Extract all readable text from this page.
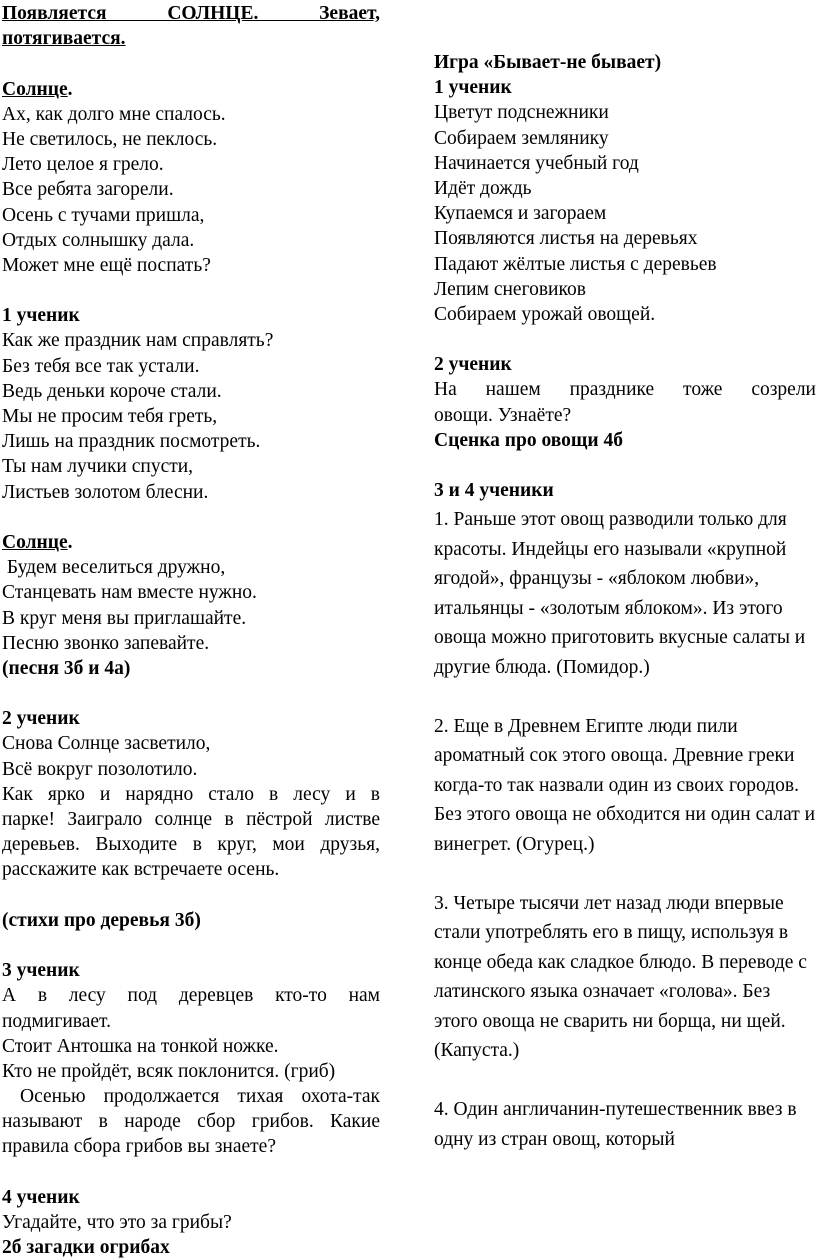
Появляется СОЛНЦЕ. Зевает,
потягивается.
Солнце.
Ах, как долго мне спалось.
Не светилось, не пеклось.
Лето целое я грело.
Все ребята загорели.
Осень с тучами пришла,
Отдых солнышку дала.
Может мне ещё поспать?
1 ученик
Как же праздник нам справлять?
Без тебя все так устали.
Ведь деньки короче стали.
Мы не просим тебя греть,
Лишь на праздник посмотреть.
Ты нам лучики спусти,
Листьев золотом блесни.
Солнце.
Будем веселиться дружно,
Станцевать нам вместе нужно.
В круг меня вы приглашайте.
Песню звонко запевайте.
(песня 3б и 4а)
2 ученик
Снова Солнце засветило,
Всё вокруг позолотило.
Как ярко и нарядно стало в лесу и в
парке! Заиграло солнце в пёстрой листве
деревьев. Выходите в круг, мои друзья,
расскажите как встречаете осень.
(стихи про деревья 3б)
3 ученик
А в лесу под деревцев кто-то нам
подмигивает.
Стоит Антошка на тонкой ножке.
Кто не пройдёт, всяк поклонится. (гриб)
Осенью продолжается тихая охота-так
называют в народе сбор грибов. Какие
правила сбора грибов вы знаете?
4 ученик
Угадайте, что это за грибы?
2б загадки огрибах
Игра «Бывает-не бывает)
1 ученик
Цветут подснежники
Собираем землянику
Начинается учебный год
Идёт дождь
Купаемся и загораем
Появляются листья на деревьях
Падают жёлтые листья с деревьев
Лепим снеговиков
Собираем урожай овощей.
2 ученик
На нашем празднике тоже созрели
овощи. Узнаёте?
Сценка про овощи 4б
3 и 4 ученики

1. Раньше этот овощ разводили только для красоты. Индейцы его называли «крупной ягодой», французы - «яблоком любви», итальянцы - «золотым яблоком». Из этого овоща можно приготовить вкусные салаты и другие блюда. (Помидор.)

2. Еще в Древнем Египте люди пили ароматный сок этого овоща. Древние греки когда-то так назвали один из своих городов. Без этого овоща не обходится ни один салат и винегрет. (Огурец.)

3. Четыре тысячи лет назад люди впервые стали употреблять его в пищу, используя в конце обеда как сладкое блюдо. В переводе с латинского языка означает «голова». Без этого овоща не сварить ни борща, ни щей. (Капуста.)

4. Один англичанин-путешественник ввез в одну из стран овощ, который
